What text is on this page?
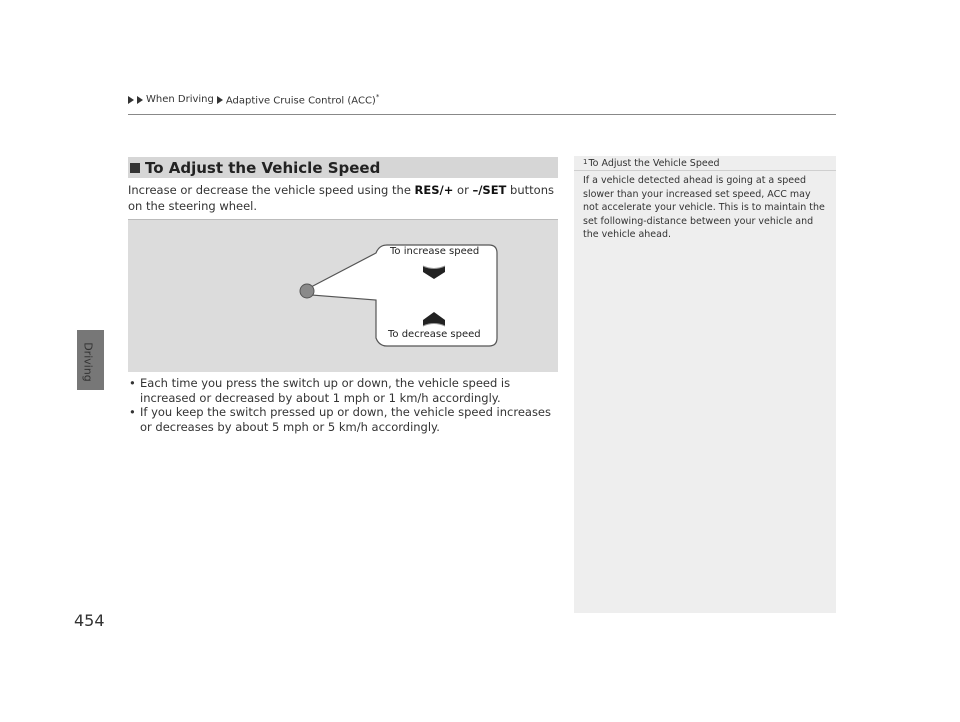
When Driving Adaptive Cruise Control (ACC)*
Driving
454
To Adjust the Vehicle Speed
Increase or decrease the vehicle speed using the RES/+ or –/SET buttons on the steering wheel.
To increase speed
To decrease speed
• Each time you press the switch up or down, the vehicle speed is increased or decreased by about 1 mph or 1 km/h accordingly.
• If you keep the switch pressed up or down, the vehicle speed increases or decreases by about 5 mph or 5 km/h accordingly.
$^1$To Adjust the Vehicle Speed
If a vehicle detected ahead is going at a speed slower than your increased set speed, ACC may not accelerate your vehicle. This is to maintain the set following-distance between your vehicle and the vehicle ahead.
